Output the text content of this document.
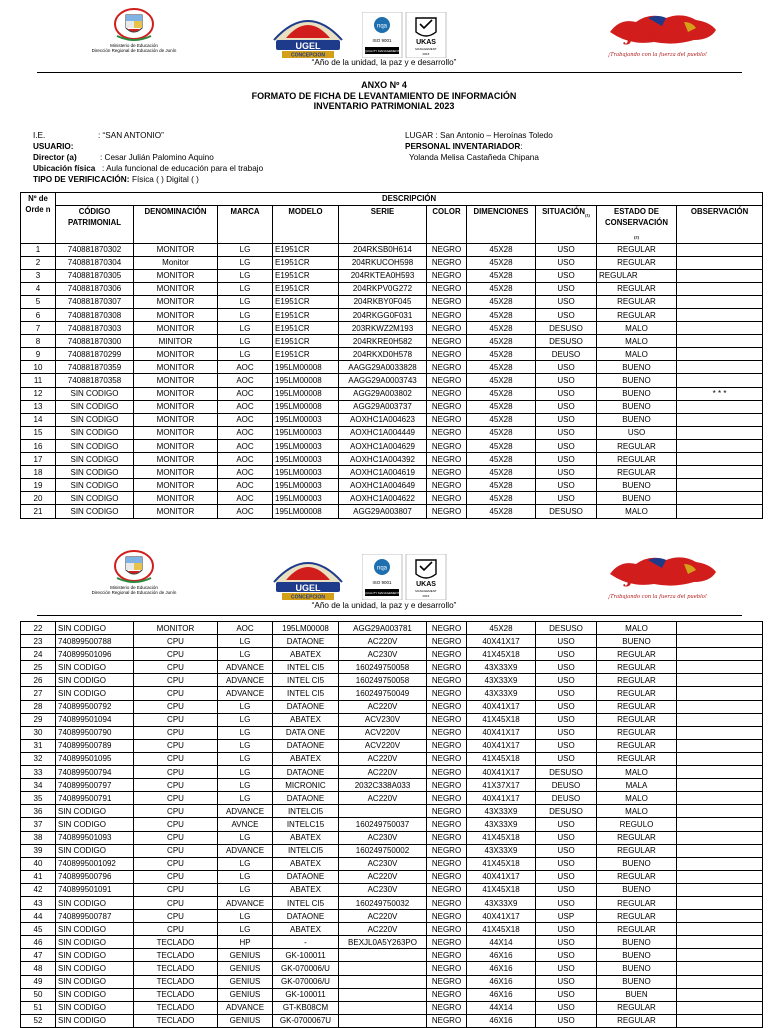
Ministerio de Educación
Dirección Regional de Educación de Junín	UGEL
CONCEPCION
nqa
ISO 9001
QUALITY MANAGEMENT
UKAS
MANAGEMENT
0015
Junín
¡Trabajando con la fuerza del pueblo!
“Año de la unidad, la paz y e desarrollo”
ANXO Nº 4
FORMATO DE FICHA DE LEVANTAMIENTO DE INFORMACIÓN
INVENTARIO PATRIMONIAL 2023
I.E.	: “SAN ANTONIO”
USUARIO:
Director (a)	: Cesar Julián Palomino Aquino
Ubicación física : Aula funcional de educación para el trabajo
TIPO DE VERIFICACIÓN: Física ( ) Digital ( )
LUGAR : San Antonio – Heroínas Toledo
PERSONAL INVENTARIADOR:
Yolanda Melisa Castañeda Chipana
Nº de Orde n	DESCRIPCIÓN									
	CÓDIGO PATRIMONIAL	DENOMINACIÓN	MARCA	MODELO	SERIE	COLOR	DIMENCIONES	$SITUACIÓN_{(1)}$	ESTADO DE CONSERVACIÓN
$_{(2)}$	OBSERVACIÓN
1	740881870302	MONITOR	LG	E1951CR	204RKSB0H614	NEGRO	45X28	USO	REGULAR	
2	740881870304	Monitor	LG	E1951CR	204RKUCOH598	NEGRO	45X28	USO	REGULAR	
3	740881870305	MONITOR	LG	E1951CR	204RKTEA0H593	NEGRO	45X28	USO	REGULAR	
4	740881870306	MONITOR	LG	E1951CR	204RKPV0G272	NEGRO	45X28	USO	REGULAR	
5	740881870307	MONITOR	LG	E1951CR	204RKBY0F045	NEGRO	45X28	USO	REGULAR	
6	740881870308	MONITOR	LG	E1951CR	204RKGG0F031	NEGRO	45X28	USO	REGULAR	
7	740881870303	MONITOR	LG	E1951CR	203RKWZ2M193	NEGRO	45X28	DESUSO	MALO	
8	740881870300	MINITOR	LG	E1951CR	204RKRE0H582	NEGRO	45X28	DESUSO	MALO	
9	740881870299	MONITOR	LG	E1951CR	204RKXD0H578	NEGRO	45X28	DEUSO	MALO	
10	740881870359	MONITOR	AOC	195LM00008	AAGG29A0033828	NEGRO	45X28	USO	BUENO	
11	740881870358	MONITOR	AOC	195LM00008	AAGG29A0003743	NEGRO	45X28	USO	BUENO	
12	SIN CODIGO	MONITOR	AOC	195LM00008	AGG29A003802	NEGRO	45X28	USO	BUENO	* * *
13	SIN CODIGO	MONITOR	AOC	195LM00008	AGG29A003737	NEGRO	45X28	USO	BUENO	
14	SIN CODIGO	MONITOR	AOC	195LM00003	AOXHC1A004623	NEGRO	45X28	USO	BUENO	
15	SIN CODIGO	MONITOR	AOC	195LM00003	AOXHC1A004449	NEGRO	45X28	USO	USO	
16	SIN CODIGO	MONITOR	AOC	195LM00003	AOXHC1A004629	NEGRO	45X28	USO	REGULAR	
17	SIN CODIGO	MONITOR	AOC	195LM00003	AOXHC1A004392	NEGRO	45X28	USO	REGULAR	
18	SIN CODIGO	MONITOR	AOC	195LM00003	AOXHC1A004619	NEGRO	45X28	USO	REGULAR	
19	SIN CODIGO	MONITOR	AOC	195LM00003	AOXHC1A004649	NEGRO	45X28	USO	BUENO	
20	SIN CODIGO	MONITOR	AOC	195LM00003	AOXHC1A004622	NEGRO	45X28	USO	BUENO	
21	SIN CODIGO	MONITOR	AOC	195LM00008	AGG29A003807	NEGRO	45X28	DESUSO	MALO	
Ministerio de Educación
Dirección Regional de Educación de Junín	UGEL
CONCEPCION
nqa
ISO 9001
QUALITY MANAGEMENT
UKAS
MANAGEMENT
0015
Junín
¡Trabajando con la fuerza del pueblo!
“Año de la unidad, la paz y e desarrollo”
22	SIN CODIGO	MONITOR	AOC	195LM00008	AGG29A003781	NEGRO	45X28	DESUSO	MALO	
23	740899500788	CPU	LG	DATAONE	AC220V	NEGRO	40X41X17	USO	BUENO	
24	740899501096	CPU	LG	ABATEX	AC230V	NEGRO	41X45X18	USO	REGULAR	
25	SIN CODIGO	CPU	ADVANCE	INTEL CI5	160249750058	NEGRO	43X33X9	USO	REGULAR	
26	SIN CODIGO	CPU	ADVANCE	INTEL CI5	160249750058	NEGRO	43X33X9	USO	REGULAR	
27	SIN CODIGO	CPU	ADVANCE	INTEL CI5	160249750049	NEGRO	43X33X9	USO	REGULAR	
28	740899500792	CPU	LG	DATAONE	AC220V	NEGRO	40X41X17	USO	REGULAR	
29	740899501094	CPU	LG	ABATEX	ACV230V	NEGRO	41X45X18	USO	REGULAR	
30	740899500790	CPU	LG	DATA ONE	ACV220V	NEGRO	40X41X17	USO	REGULAR	
31	740899500789	CPU	LG	DATAONE	ACV220V	NEGRO	40X41X17	USO	REGULAR	
32	740899501095	CPU	LG	ABATEX	AC220V	NEGRO	41X45X18	USO	REGULAR	
33	740899500794	CPU	LG	DATAONE	AC220V	NEGRO	40X41X17	DESUSO	MALO	
34	740899500797	CPU	LG	MICRONIC	2032C338A033	NEGRO	41X37X17	DEUSO	MALA	
35	740899500791	CPU	LG	DATAONE	AC220V	NEGRO	40X41X17	DEUSO	MALO	
36	SIN CODIGO	CPU	ADVANCE	INTELCI5		NEGRO	43X33X9	DESUSO	MALO	
37	SIN CODIGO	CPU	AVNCE	INTELC15	160249750037	NEGRO	43X33X9	USO	REGULO	
38	740899501093	CPU	LG	ABATEX	AC230V	NEGRO	41X45X18	USO	REGULAR	
39	SIN CODIGO	CPU	ADVANCE	INTELCI5	160249750002	NEGRO	43X33X9	USO	REGULAR	
40	7408995001092	CPU	LG	ABATEX	AC230V	NEGRO	41X45X18	USO	BUENO	
41	740899500796	CPU	LG	DATAONE	AC220V	NEGRO	40X41X17	USO	REGULAR	
42	740899501091	CPU	LG	ABATEX	AC230V	NEGRO	41X45X18	USO	BUENO	
43	SIN CODIGO	CPU	ADVANCE	INTEL CI5	160249750032	NEGRO	43X33X9	USO	REGULAR	
44	740899500787	CPU	LG	DATAONE	AC220V	NEGRO	40X41X17	USP	REGULAR	
45	SIN CODIGO	CPU	LG	ABATEX	AC220V	NEGRO	41X45X18	USO	REGULAR	
46	SIN CODIGO	TECLADO	HP	-	BEXJL0A5Y263PO	NEGRO	44X14	USO	BUENO	
47	SIN CODIGO	TECLADO	GENIUS	GK-100011		NEGRO	46X16	USO	BUENO	
48	SIN CODIGO	TECLADO	GENIUS	GK-070006/U		NEGRO	46X16	USO	BUENO	
49	SIN CODIGO	TECLADO	GENIUS	GK-070006/U		NEGRO	46X16	USO	BUENO	
50	SIN CODIGO	TECLADO	GENIUS	GK-100011		NEGRO	46X16	USO	BUEN	
51	SIN CODIGO	TECLADO	ADVANCE	GT-KB08CM		NEGRO	44X14	USO	REGULAR	
52	SIN CODIGO	TECLADO	GENIUS	GK-0700067U		NEGRO	46X16	USO	REGULAR	
